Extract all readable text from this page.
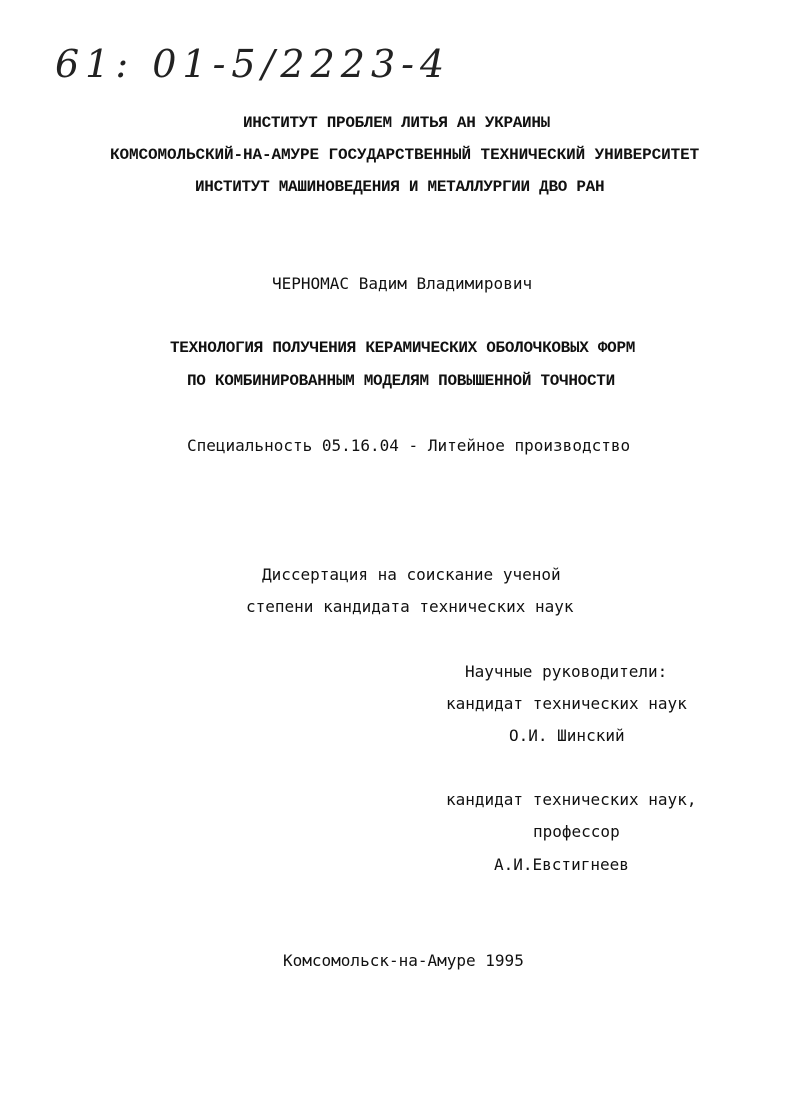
61: 01-5/2223-4
ИНСТИТУТ ПРОБЛЕМ ЛИТЬЯ АН УКРАИНЫ
КОМСОМОЛЬСКИЙ-НА-АМУРЕ ГОСУДАРСТВЕННЫЙ ТЕХНИЧЕСКИЙ УНИВЕРСИТЕТ
ИНСТИТУТ МАШИНОВЕДЕНИЯ И МЕТАЛЛУРГИИ ДВО РАН
ЧЕРНОМАС Вадим Владимирович
ТЕХНОЛОГИЯ ПОЛУЧЕНИЯ КЕРАМИЧЕСКИХ ОБОЛОЧКОВЫХ ФОРМ
ПО КОМБИНИРОВАННЫМ МОДЕЛЯМ ПОВЫШЕННОЙ ТОЧНОСТИ
Специальность 05.16.04 - Литейное производство
Диссертация на соискание ученой
степени кандидата технических наук
Научные руководители:
кандидат технических наук
О.И. Шинский
кандидат технических наук,
профессор
А.И.Евстигнеев
Комсомольск-на-Амуре 1995
